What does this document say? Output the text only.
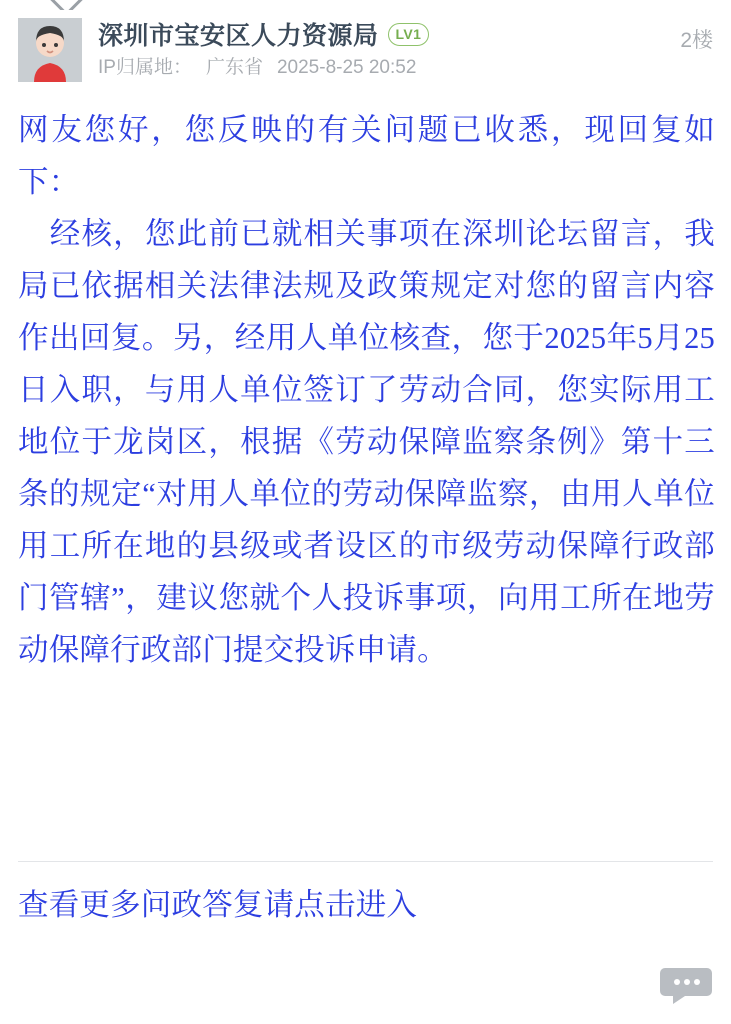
深圳市宝安区人力资源局	LV1
IP归属地： 广东省 2025-8-25 20:52
2楼

网友您好，您反映的有关问题已收悉，现回复如下：

　经核，您此前已就相关事项在深圳论坛留言，我局已依据相关法律法规及政策规定对您的留言内容作出回复。另，经用人单位核查，您于2025年5月25日入职，与用人单位签订了劳动合同，您实际用工地位于龙岗区，根据《劳动保障监察条例》第十三条的规定“对用人单位的劳动保障监察，由用人单位用工所在地的县级或者设区的市级劳动保障行政部门管辖”，建议您就个人投诉事项，向用工所在地劳动保障行政部门提交投诉申请。

查看更多问政答复请点击进入
